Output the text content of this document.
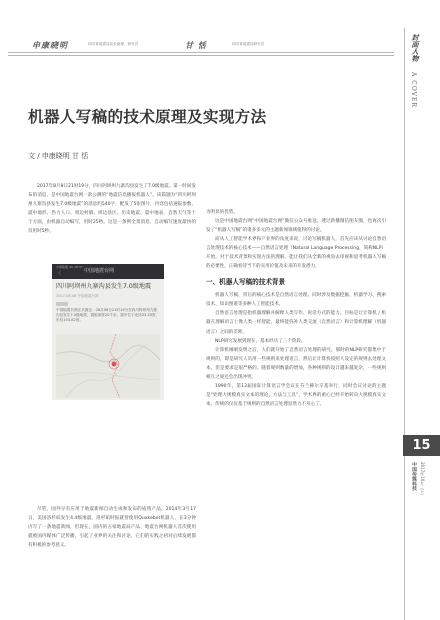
申康晓明	四川省地震局局长助理、研究员	甘 恬	四川省地震局研究员	封面人物
A COVER
15
中国传媒科技 2017年10月（下）
机器人写稿的技术原理及实现方法
文 / 申康晓明 甘 恬

2017年8月8日21时19分，四川阿坝州九寨沟县发生了7.0级地震。第一时间发布的消息，是中国地震台网一款公测的“地震信息播报机器人”。该篇题为“四川阿坝州九寨沟县发生7.0级地震”的消息约540字，配发了5张图片，内容包括速报参数、震中地形、热力人口、周边村镇、周边县区、历史地震、震中地表、自然天气等十个方面，由机器自动编写，用时25秒。这是一条例全景消息，自动编写速度最快的仅用时5秒。

中国联通 4G 18:37
〈	中国地震台网
四川阿坝州九寨沟县发生7.0级地震
2017-08-08 中国地震台网
中国地震台网正式测定：08月08日21时19分在四川阿坝州九寨沟县发生7.0级地震，震源深度20千米，震中位于北纬33.20度，东经103.82度。

尽管，国外早有应用于地震新闻自动生成和发布的成熟产品。2014年3月17日，美国洛杉矶发生4.4级地震，洛杉矶时报就曾使用Quakebot机器人，在3分钟内写了一条地震新闻，但现在，国内的五家地震局产品、地震台网机器人首次使用就被国内媒体广泛传播，引起了业界的关注和讨论，它们的实践之初对后续发展都有积极的参考意义。

为明显的优势。

这是中国地震台网“中国地震台网”微信公众号推送、透过新播微信朋友圈，也再次引发了“机器人写稿”的诸多多元的主题新闻领域值得的讨论。

而从人工智能学术界和产业界的角度来说，讨论写稿机器人，首先应该从讨论自然语言处理技术的核心技术——自然语言处理（Natural Language Processing，简称NLP）开始。对于技术背景和实现方法的理解，能让我们从全新的视角去审视和思考机器人写稿的必要性，正确看待当下的实用价值及未来的开发潜力。

一、机器人写稿的技术背景

机器人写稿，背后的核心技术是自然语言处理。同时涉及数据挖掘、机器学习、搜索技术、知识图谱等多种人工智能技术。

自然语言处理是指机器理解并解释人类写作、说话方式的能力。目标是让计算机 / 机器在理解语言上像人类一样智能，最终能弥补人类交流（自然语言）和计算机理解（机器语言）之间的差距。

NLP研究发展到现在，基本经历了三个阶段。

计算机刚刚发明之后，人们就开始了自然语言处理的研究。那时的NLP研究都集中于规则的，即是研究人员用一些规则来处理语言，然后让计算机按照人设定的规则去处理文本，但是要求是很严格的。随着规则数量的增加，各种规则的设计越来越复杂，一些规则相互之间还会出现冲突。

1990年，第13届国际计算语言学会议在芬兰赫尔辛基举行，同时会议讨论的主题是“处理大规模真实文本的理论、方法与工具”，学术界的重心已经开始转向大规模真实文本，传统的仅仅基于规则的自然语言处理显然力不从心了。
